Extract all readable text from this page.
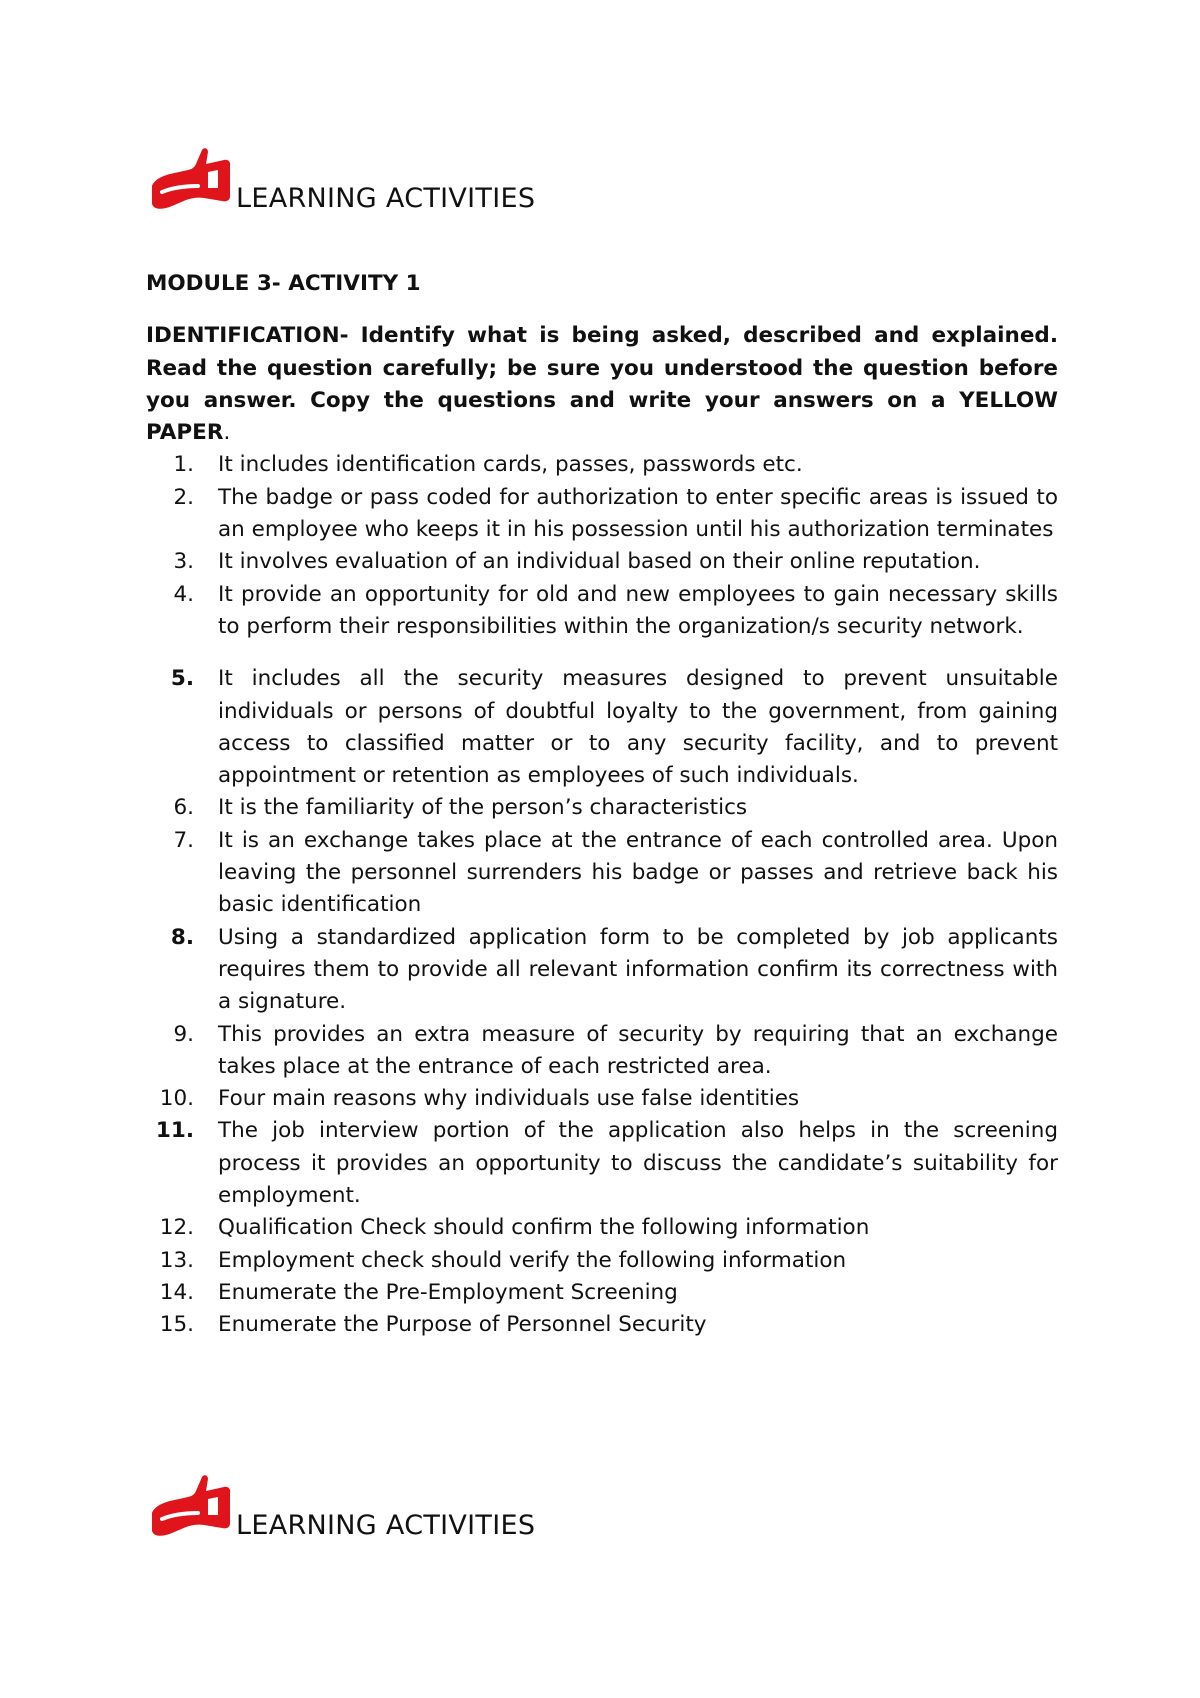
LEARNING ACTIVITIES
MODULE 3- ACTIVITY 1

IDENTIFICATION- Identify what is being asked, described and explained. Read the question carefully; be sure you understood the question before you answer. Copy the questions and write your answers on a YELLOW PAPER.

1.	It includes identification cards, passes, passwords etc.
2.	The badge or pass coded for authorization to enter specific areas is issued to an employee who keeps it in his possession until his authorization terminates
3.	It involves evaluation of an individual based on their online reputation.
4.	It provide an opportunity for old and new employees to gain necessary skills to perform their responsibilities within the organization/s security network.
5.	It includes all the security measures designed to prevent unsuitable individuals or persons of doubtful loyalty to the government, from gaining access to classified matter or to any security facility, and to prevent appointment or retention as employees of such individuals.
6.	It is the familiarity of the person’s characteristics
7.	It is an exchange takes place at the entrance of each controlled area. Upon leaving the personnel surrenders his badge or passes and retrieve back his basic identification
8.	Using a standardized application form to be completed by job applicants requires them to provide all relevant information confirm its correctness with a signature.
9.	This provides an extra measure of security by requiring that an exchange takes place at the entrance of each restricted area.
10.	Four main reasons why individuals use false identities
11.	The job interview portion of the application also helps in the screening process it provides an opportunity to discuss the candidate’s suitability for employment.
12.	Qualification Check should confirm the following information
13.	Employment check should verify the following information
14.	Enumerate the Pre-Employment Screening
15.	Enumerate the Purpose of Personnel Security
LEARNING ACTIVITIES
